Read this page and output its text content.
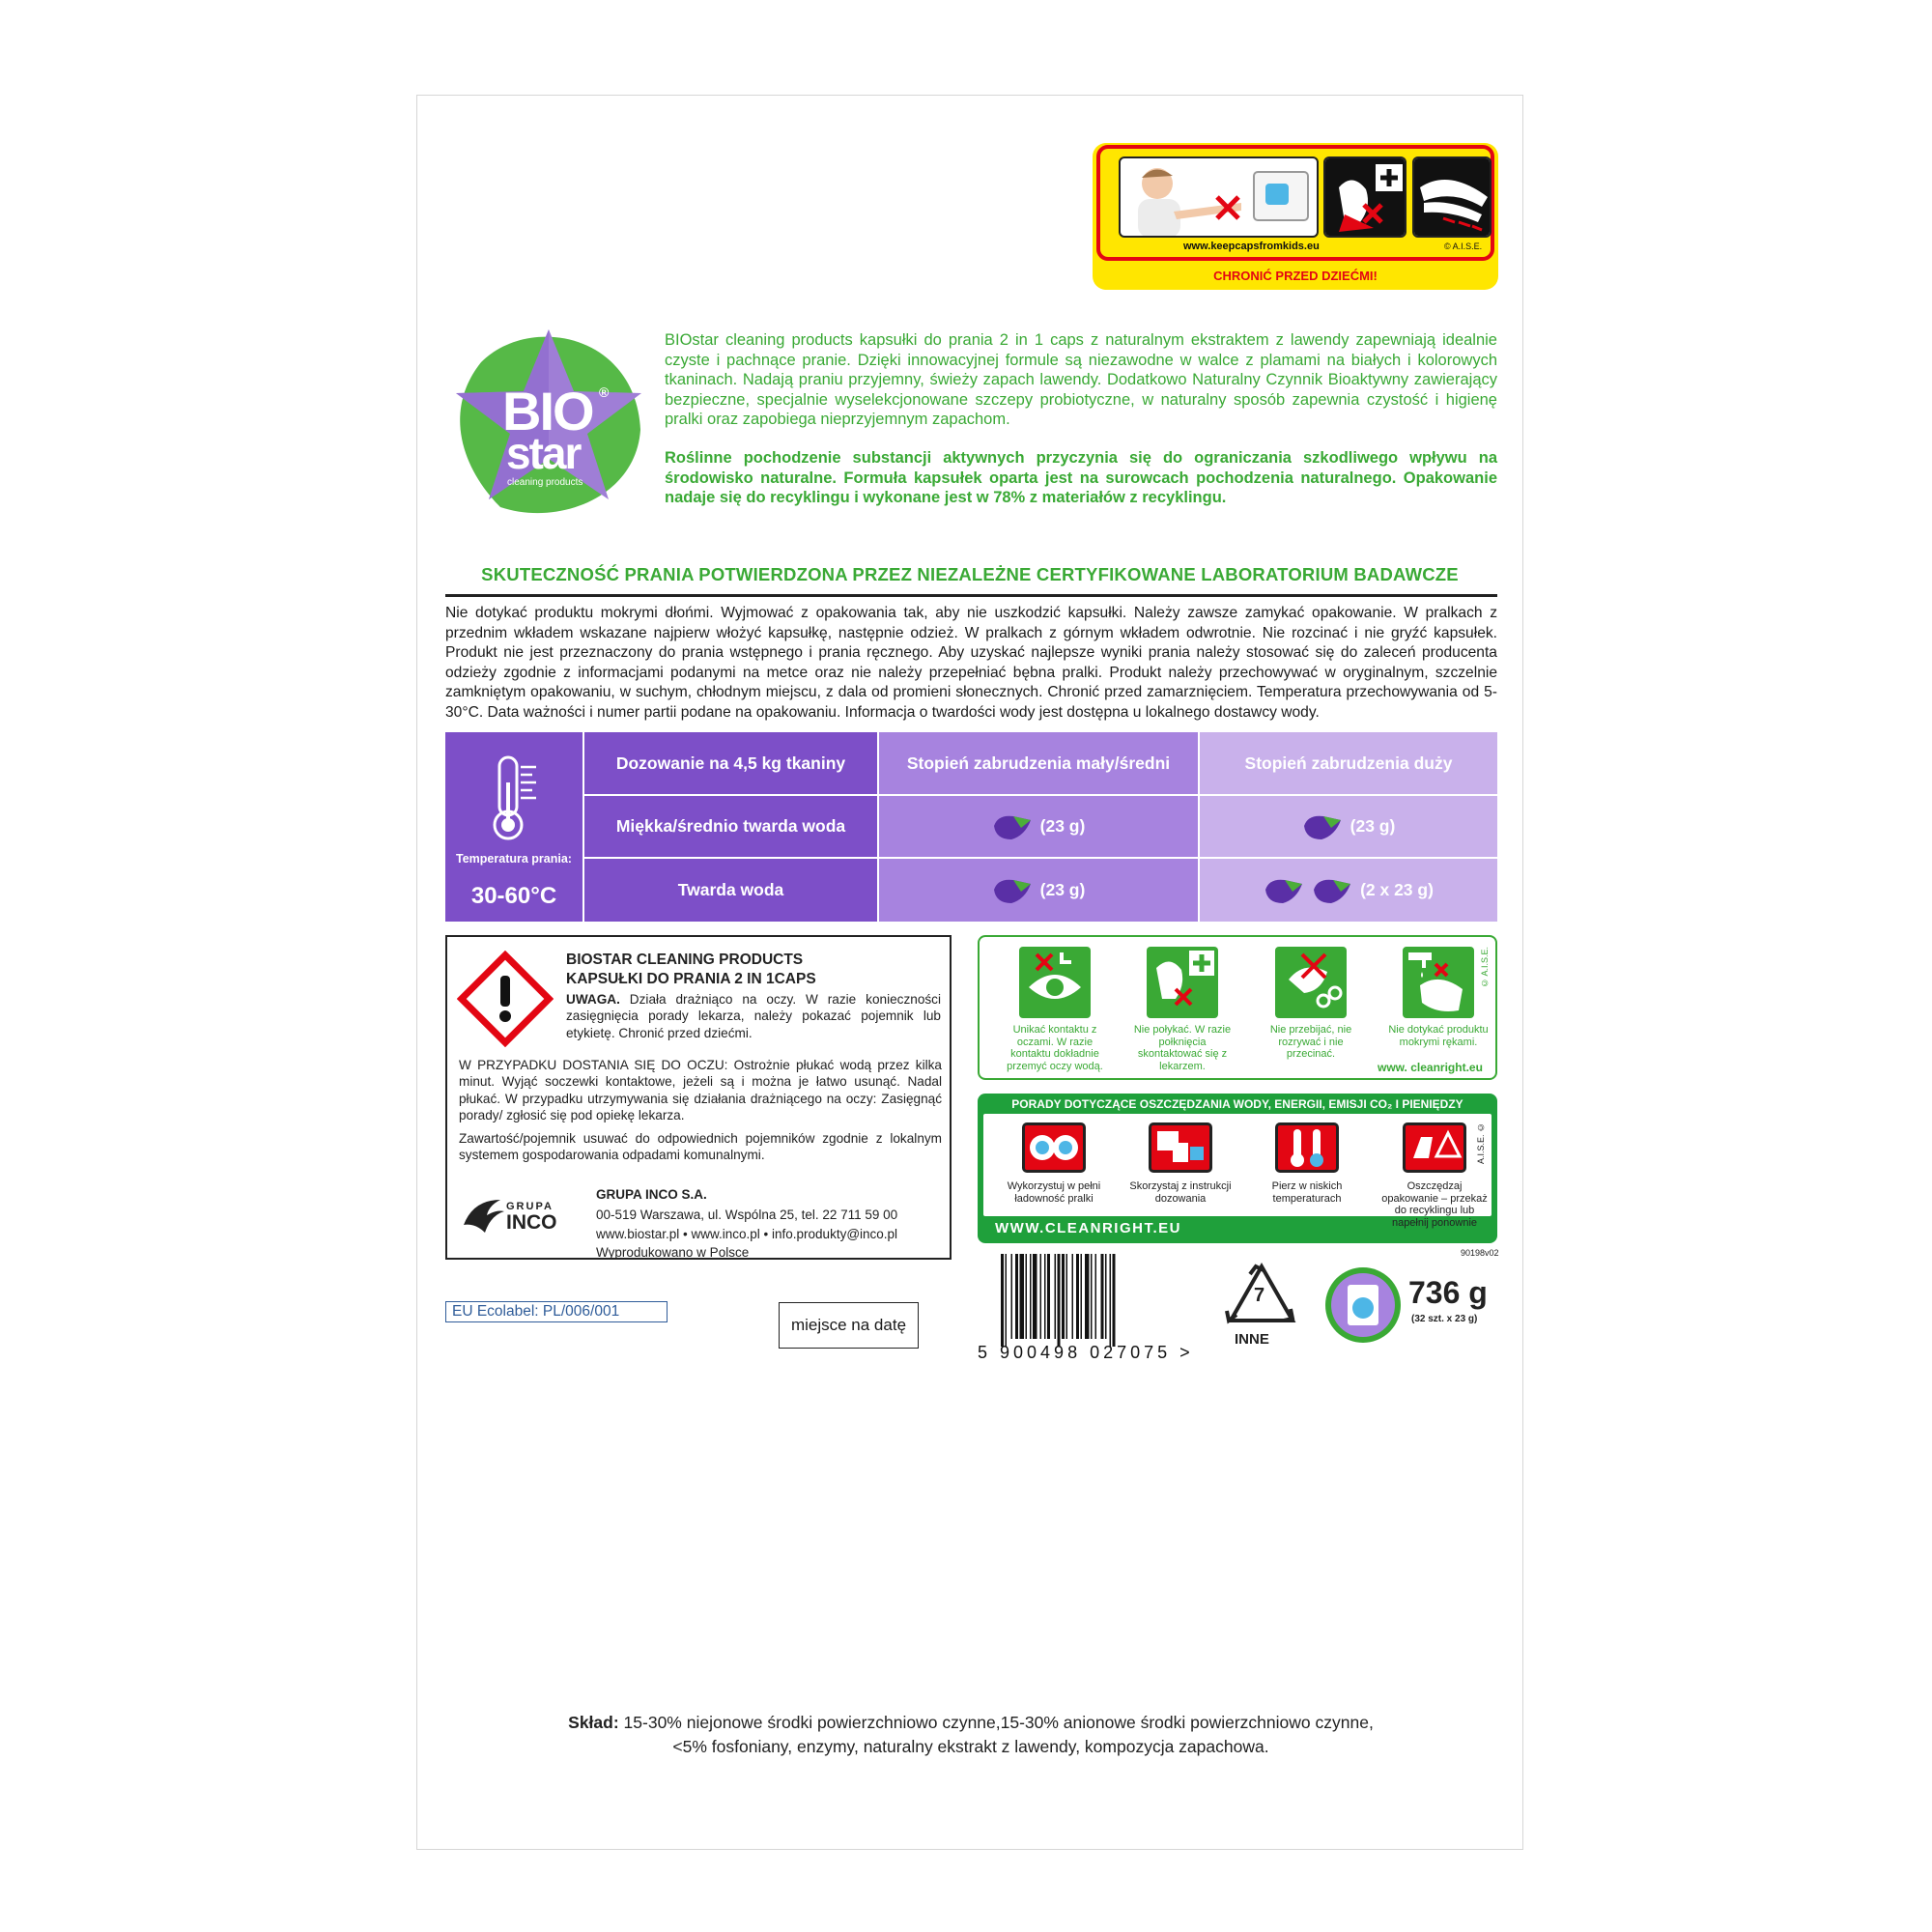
www.keepcapsfromkids.eu	© A.I.S.E.
CHRONIĆ PRZED DZIEĆMI!
BIO ®
star
cleaning products
BIOstar cleaning products kapsułki do prania 2 in 1 caps z naturalnym ekstraktem z lawendy zapewniają idealnie czyste i pachnące pranie. Dzięki innowacyjnej formule są niezawodne w walce z plamami na białych i kolorowych tkaninach. Nadają praniu przyjemny, świeży zapach lawendy. Dodatkowo Naturalny Czynnik Bioaktywny zawierający bezpieczne, specjalnie wyselekcjonowane szczepy probiotyczne, w naturalny sposób zapewnia czystość i higienę pralki oraz zapobiega nieprzyjemnym zapachom.
Roślinne pochodzenie substancji aktywnych przyczynia się do ograniczania szkodliwego wpływu na środowisko naturalne. Formuła kapsułek oparta jest na surowcach pochodzenia naturalnego. Opakowanie nadaje się do recyklingu i wykonane jest w 78% z materiałów z recyklingu.
SKUTECZNOŚĆ PRANIA POTWIERDZONA PRZEZ NIEZALEŻNE CERTYFIKOWANE LABORATORIUM BADAWCZE
Nie dotykać produktu mokrymi dłońmi. Wyjmować z opakowania tak, aby nie uszkodzić kapsułki. Należy zawsze zamykać opakowanie. W pralkach z przednim wkładem wskazane najpierw włożyć kapsułkę, następnie odzież. W pralkach z górnym wkładem odwrotnie. Nie rozcinać i nie gryźć kapsułek. Produkt nie jest przeznaczony do prania wstępnego i prania ręcznego. Aby uzyskać najlepsze wyniki prania należy stosować się do zaleceń producenta odzieży zgodnie z informacjami podanymi na metce oraz nie należy przepełniać bębna pralki. Produkt należy przechowywać w oryginalnym, szczelnie zamkniętym opakowaniu, w suchym, chłodnym miejscu, z dala od promieni słonecznych. Chronić przed zamarznięciem. Temperatura przechowywania od 5-30°C. Data ważności i numer partii podane na opakowaniu. Informacja o twardości wody jest dostępna u lokalnego dostawcy wody.
Temperatura prania:
30-60°C
Dozowanie na 4,5 kg tkaniny	Stopień zabrudzenia mały/średni	Stopień zabrudzenia duży
Miękka/średnio twarda woda	(23 g)	(23 g)
Twarda woda	(23 g)	(2 x 23 g)
BIOSTAR CLEANING PRODUCTS
KAPSUŁKI DO PRANIA 2 IN 1CAPS
UWAGA. Działa drażniąco na oczy. W razie konieczności zasięgnięcia porady lekarza, należy pokazać pojemnik lub etykietę. Chronić przed dziećmi.
W PRZYPADKU DOSTANIA SIĘ DO OCZU: Ostrożnie płukać wodą przez kilka minut. Wyjąć soczewki kontaktowe, jeżeli są i można je łatwo usunąć. Nadal płukać. W przypadku utrzymywania się działania drażniącego na oczy: Zasięgnąć porady/ zgłosić się pod opiekę lekarza.
Zawartość/pojemnik usuwać do odpowiednich pojemników zgodnie z lokalnym systemem gospodarowania odpadami komunalnymi.
GRUPA
INCO
GRUPA INCO S.A.
00-519 Warszawa, ul. Wspólna 25, tel. 22 711 59 00
www.biostar.pl • www.inco.pl • info.produkty@inco.pl
Wyprodukowano w Polsce
Unikać kontaktu z oczami. W razie kontaktu dokładnie przemyć oczy wodą.
Nie połykać. W razie połknięcia skontaktować się z lekarzem.
Nie przebijać, nie rozrywać i nie przecinać.
Nie dotykać produktu mokrymi rękami.
© A.I.S.E.
www. cleanright.eu
PORADY DOTYCZĄCE OSZCZĘDZANIA WODY, ENERGII, EMISJI CO₂ I PIENIĘDZY
Wykorzystuj w pełni ładowność pralki
Skorzystaj z instrukcji dozowania
Pierz w niskich temperaturach
Oszczędzaj opakowanie – przekaż do recyklingu lub napełnij ponownie
A.I.S.E. ©
WWW.CLEANRIGHT.EU
90198v02
EU Ecolabel: PL/006/001
miejsce na datę
5 900498 027075 >
7
INNE
736 g
(32 szt. x 23 g)
Skład: 15-30% niejonowe środki powierzchniowo czynne,15-30% anionowe środki powierzchniowo czynne,
<5% fosfoniany, enzymy, naturalny ekstrakt z lawendy, kompozycja zapachowa.
